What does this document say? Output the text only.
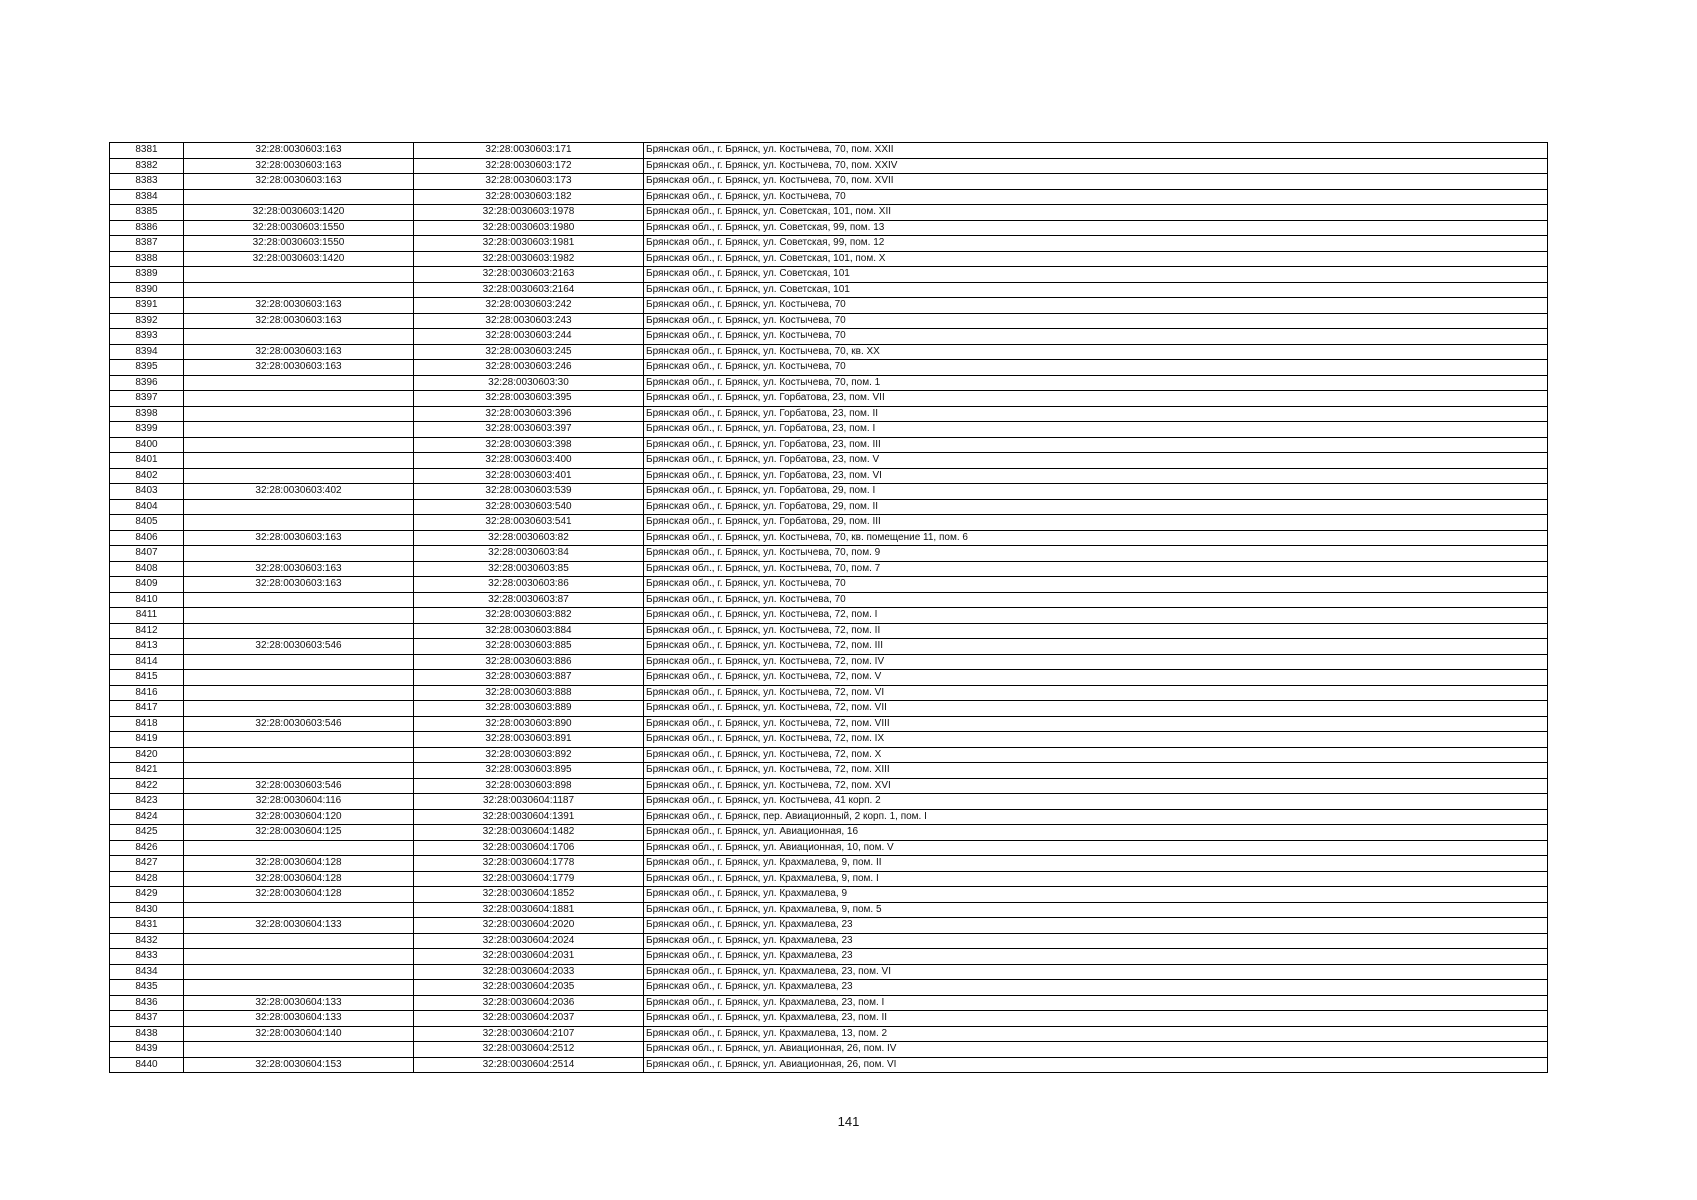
8381	32:28:0030603:163	32:28:0030603:171	Брянская обл., г. Брянск, ул. Костычева, 70, пом. XXII
8382	32:28:0030603:163	32:28:0030603:172	Брянская обл., г. Брянск, ул. Костычева, 70, пом. XXIV
8383	32:28:0030603:163	32:28:0030603:173	Брянская обл., г. Брянск, ул. Костычева, 70, пом. XVII
8384		32:28:0030603:182	Брянская обл., г. Брянск, ул. Костычева, 70
8385	32:28:0030603:1420	32:28:0030603:1978	Брянская обл., г. Брянск, ул. Советская, 101, пом. XII
8386	32:28:0030603:1550	32:28:0030603:1980	Брянская обл., г. Брянск, ул. Советская, 99, пом. 13
8387	32:28:0030603:1550	32:28:0030603:1981	Брянская обл., г. Брянск, ул. Советская, 99, пом. 12
8388	32:28:0030603:1420	32:28:0030603:1982	Брянская обл., г. Брянск, ул. Советская, 101, пом. X
8389		32:28:0030603:2163	Брянская обл., г. Брянск, ул. Советская, 101
8390		32:28:0030603:2164	Брянская обл., г. Брянск, ул. Советская, 101
8391	32:28:0030603:163	32:28:0030603:242	Брянская обл., г. Брянск, ул. Костычева, 70
8392	32:28:0030603:163	32:28:0030603:243	Брянская обл., г. Брянск, ул. Костычева, 70
8393		32:28:0030603:244	Брянская обл., г. Брянск, ул. Костычева, 70
8394	32:28:0030603:163	32:28:0030603:245	Брянская обл., г. Брянск, ул. Костычева, 70, кв. XX
8395	32:28:0030603:163	32:28:0030603:246	Брянская обл., г. Брянск, ул. Костычева, 70
8396		32:28:0030603:30	Брянская обл., г. Брянск, ул. Костычева, 70, пом. 1
8397		32:28:0030603:395	Брянская обл., г. Брянск, ул. Горбатова, 23, пом. VII
8398		32:28:0030603:396	Брянская обл., г. Брянск, ул. Горбатова, 23, пом. II
8399		32:28:0030603:397	Брянская обл., г. Брянск, ул. Горбатова, 23, пом. I
8400		32:28:0030603:398	Брянская обл., г. Брянск, ул. Горбатова, 23, пом. III
8401		32:28:0030603:400	Брянская обл., г. Брянск, ул. Горбатова, 23, пом. V
8402		32:28:0030603:401	Брянская обл., г. Брянск, ул. Горбатова, 23, пом. VI
8403	32:28:0030603:402	32:28:0030603:539	Брянская обл., г. Брянск, ул. Горбатова, 29, пом. I
8404		32:28:0030603:540	Брянская обл., г. Брянск, ул. Горбатова, 29, пом. II
8405		32:28:0030603:541	Брянская обл., г. Брянск, ул. Горбатова, 29, пом. III
8406	32:28:0030603:163	32:28:0030603:82	Брянская обл., г. Брянск, ул. Костычева, 70, кв. помещение 11, пом. 6
8407		32:28:0030603:84	Брянская обл., г. Брянск, ул. Костычева, 70, пом. 9
8408	32:28:0030603:163	32:28:0030603:85	Брянская обл., г. Брянск, ул. Костычева, 70, пом. 7
8409	32:28:0030603:163	32:28:0030603:86	Брянская обл., г. Брянск, ул. Костычева, 70
8410		32:28:0030603:87	Брянская обл., г. Брянск, ул. Костычева, 70
8411		32:28:0030603:882	Брянская обл., г. Брянск, ул. Костычева, 72, пом. I
8412		32:28:0030603:884	Брянская обл., г. Брянск, ул. Костычева, 72, пом. II
8413	32:28:0030603:546	32:28:0030603:885	Брянская обл., г. Брянск, ул. Костычева, 72, пом. III
8414		32:28:0030603:886	Брянская обл., г. Брянск, ул. Костычева, 72, пом. IV
8415		32:28:0030603:887	Брянская обл., г. Брянск, ул. Костычева, 72, пом. V
8416		32:28:0030603:888	Брянская обл., г. Брянск, ул. Костычева, 72, пом. VI
8417		32:28:0030603:889	Брянская обл., г. Брянск, ул. Костычева, 72, пом. VII
8418	32:28:0030603:546	32:28:0030603:890	Брянская обл., г. Брянск, ул. Костычева, 72, пом. VIII
8419		32:28:0030603:891	Брянская обл., г. Брянск, ул. Костычева, 72, пом. IX
8420		32:28:0030603:892	Брянская обл., г. Брянск, ул. Костычева, 72, пом. X
8421		32:28:0030603:895	Брянская обл., г. Брянск, ул. Костычева, 72, пом. XIII
8422	32:28:0030603:546	32:28:0030603:898	Брянская обл., г. Брянск, ул. Костычева, 72, пом. XVI
8423	32:28:0030604:116	32:28:0030604:1187	Брянская обл., г. Брянск, ул. Костычева, 41 корп. 2
8424	32:28:0030604:120	32:28:0030604:1391	Брянская обл., г. Брянск, пер. Авиационный, 2 корп. 1, пом. I
8425	32:28:0030604:125	32:28:0030604:1482	Брянская обл., г. Брянск, ул. Авиационная, 16
8426		32:28:0030604:1706	Брянская обл., г. Брянск, ул. Авиационная, 10, пом. V
8427	32:28:0030604:128	32:28:0030604:1778	Брянская обл., г. Брянск, ул. Крахмалева, 9, пом. II
8428	32:28:0030604:128	32:28:0030604:1779	Брянская обл., г. Брянск, ул. Крахмалева, 9, пом. I
8429	32:28:0030604:128	32:28:0030604:1852	Брянская обл., г. Брянск, ул. Крахмалева, 9
8430		32:28:0030604:1881	Брянская обл., г. Брянск, ул. Крахмалева, 9, пом. 5
8431	32:28:0030604:133	32:28:0030604:2020	Брянская обл., г. Брянск, ул. Крахмалева, 23
8432		32:28:0030604:2024	Брянская обл., г. Брянск, ул. Крахмалева, 23
8433		32:28:0030604:2031	Брянская обл., г. Брянск, ул. Крахмалева, 23
8434		32:28:0030604:2033	Брянская обл., г. Брянск, ул. Крахмалева, 23, пом. VI
8435		32:28:0030604:2035	Брянская обл., г. Брянск, ул. Крахмалева, 23
8436	32:28:0030604:133	32:28:0030604:2036	Брянская обл., г. Брянск, ул. Крахмалева, 23, пом. I
8437	32:28:0030604:133	32:28:0030604:2037	Брянская обл., г. Брянск, ул. Крахмалева, 23, пом. II
8438	32:28:0030604:140	32:28:0030604:2107	Брянская обл., г. Брянск, ул. Крахмалева, 13, пом. 2
8439		32:28:0030604:2512	Брянская обл., г. Брянск, ул. Авиационная, 26, пом. IV
8440	32:28:0030604:153	32:28:0030604:2514	Брянская обл., г. Брянск, ул. Авиационная, 26, пом. VI
141
